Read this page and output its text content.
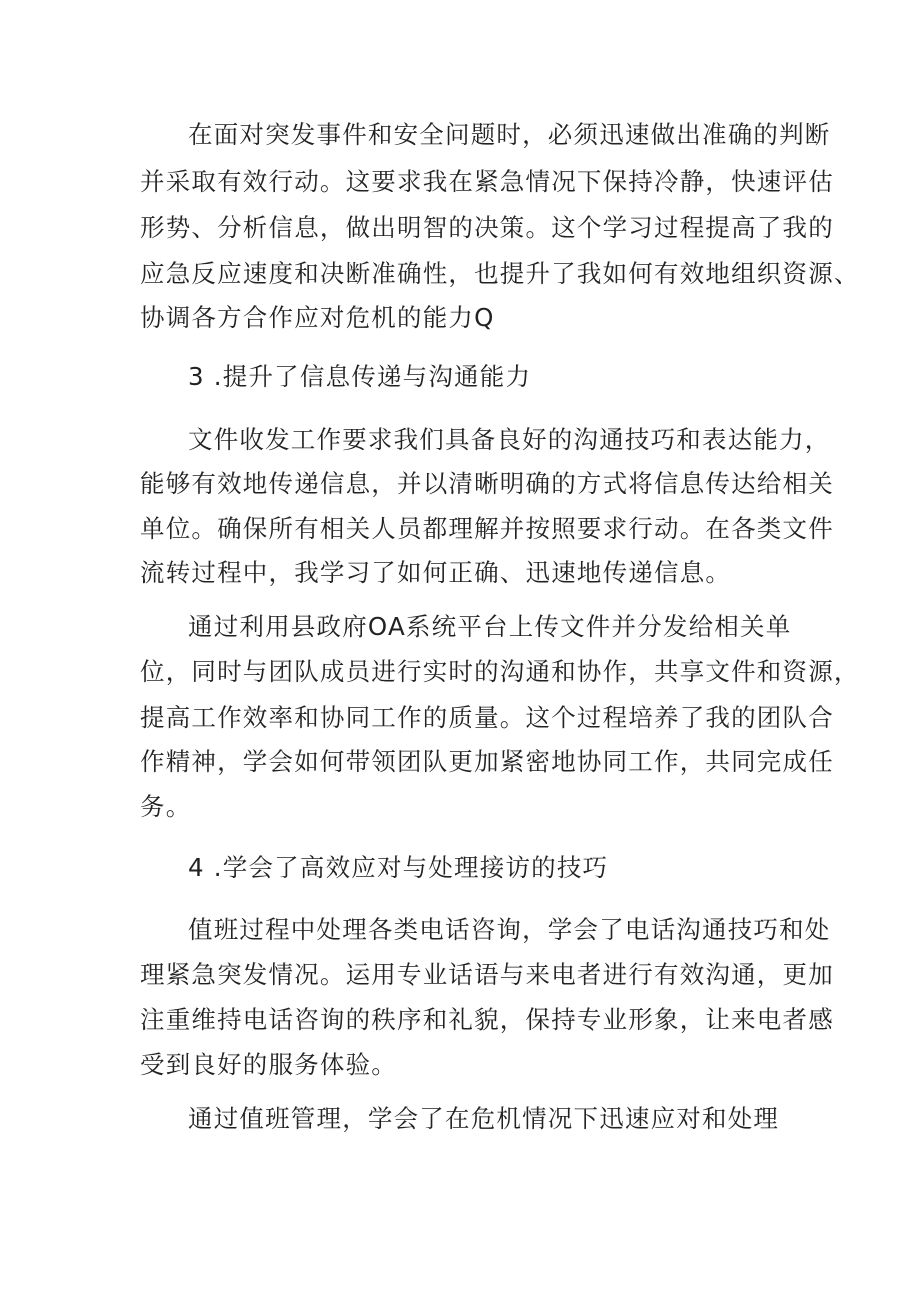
在面对突发事件和安全问题时，必须迅速做出准确的判断

并采取有效行动。这要求我在紧急情况下保持冷静，快速评估

形势、分析信息，做出明智的决策。这个学习过程提高了我的

应急反应速度和决断准确性，也提升了我如何有效地组织资源、

协调各方合作应对危机的能力Q

3 .提升了信息传递与沟通能力

文件收发工作要求我们具备良好的沟通技巧和表达能力，

能够有效地传递信息，并以清晰明确的方式将信息传达给相关

单位。确保所有相关人员都理解并按照要求行动。在各类文件

流转过程中，我学习了如何正确、迅速地传递信息。

通过利用县政府OA系统平台上传文件并分发给相关单

位，同时与团队成员进行实时的沟通和协作，共享文件和资源，

提高工作效率和协同工作的质量。这个过程培养了我的团队合

作精神，学会如何带领团队更加紧密地协同工作，共同完成任

务。

4 .学会了高效应对与处理接访的技巧

值班过程中处理各类电话咨询，学会了电话沟通技巧和处

理紧急突发情况。运用专业话语与来电者进行有效沟通，更加

注重维持电话咨询的秩序和礼貌，保持专业形象，让来电者感

受到良好的服务体验。

通过值班管理，学会了在危机情况下迅速应对和处理
